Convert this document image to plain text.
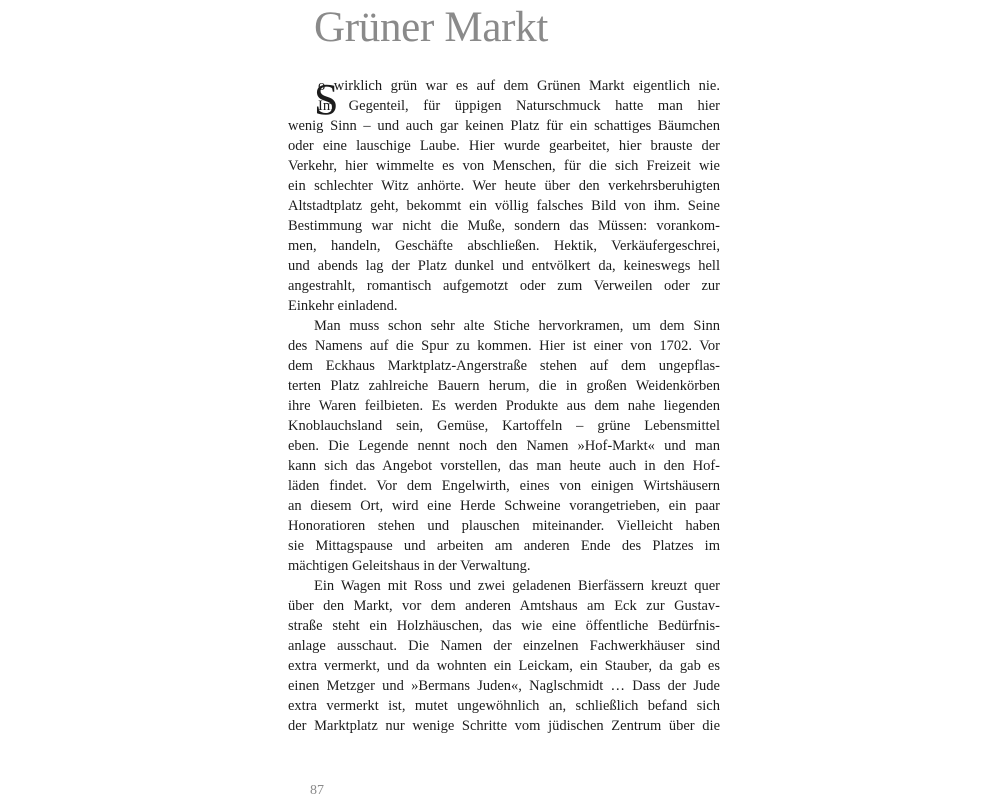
Grüner Markt
S
o wirklich grün war es auf dem Grünen Markt eigentlich nie.
Im Gegenteil, für üppigen Naturschmuck hatte man hier
wenig Sinn – und auch gar keinen Platz für ein schattiges Bäumchen
oder eine lauschige Laube. Hier wurde gearbeitet, hier brauste der
Verkehr, hier wimmelte es von Menschen, für die sich Freizeit wie
ein schlechter Witz anhörte. Wer heute über den verkehrsberuhigten
Altstadtplatz geht, bekommt ein völlig falsches Bild von ihm. Seine
Bestimmung war nicht die Muße, sondern das Müssen: vorankom-
men, handeln, Geschäfte abschließen. Hektik, Verkäufergeschrei,
und abends lag der Platz dunkel und entvölkert da, keineswegs hell
angestrahlt, romantisch aufgemotzt oder zum Verweilen oder zur
Einkehr einladend.
Man muss schon sehr alte Stiche hervorkramen, um dem Sinn
des Namens auf die Spur zu kommen. Hier ist einer von 1702. Vor
dem Eckhaus Marktplatz-Angerstraße stehen auf dem ungepflas-
terten Platz zahlreiche Bauern herum, die in großen Weidenkörben
ihre Waren feilbieten. Es werden Produkte aus dem nahe liegenden
Knoblauchsland sein, Gemüse, Kartoffeln – grüne Lebensmittel
eben. Die Legende nennt noch den Namen »Hof-Markt« und man
kann sich das Angebot vorstellen, das man heute auch in den Hof-
läden findet. Vor dem Engelwirth, eines von einigen Wirtshäusern
an diesem Ort, wird eine Herde Schweine vorangetrieben, ein paar
Honoratioren stehen und plauschen miteinander. Vielleicht haben
sie Mittagspause und arbeiten am anderen Ende des Platzes im
mächtigen Geleitshaus in der Verwaltung.
Ein Wagen mit Ross und zwei geladenen Bierfässern kreuzt quer
über den Markt, vor dem anderen Amtshaus am Eck zur Gustav-
straße steht ein Holzhäuschen, das wie eine öffentliche Bedürfnis-
anlage ausschaut. Die Namen der einzelnen Fachwerkhäuser sind
extra vermerkt, und da wohnten ein Leickam, ein Stauber, da gab es
einen Metzger und »Bermans Juden«, Naglschmidt … Dass der Jude
extra vermerkt ist, mutet ungewöhnlich an, schließlich befand sich
der Marktplatz nur wenige Schritte vom jüdischen Zentrum über die
87
